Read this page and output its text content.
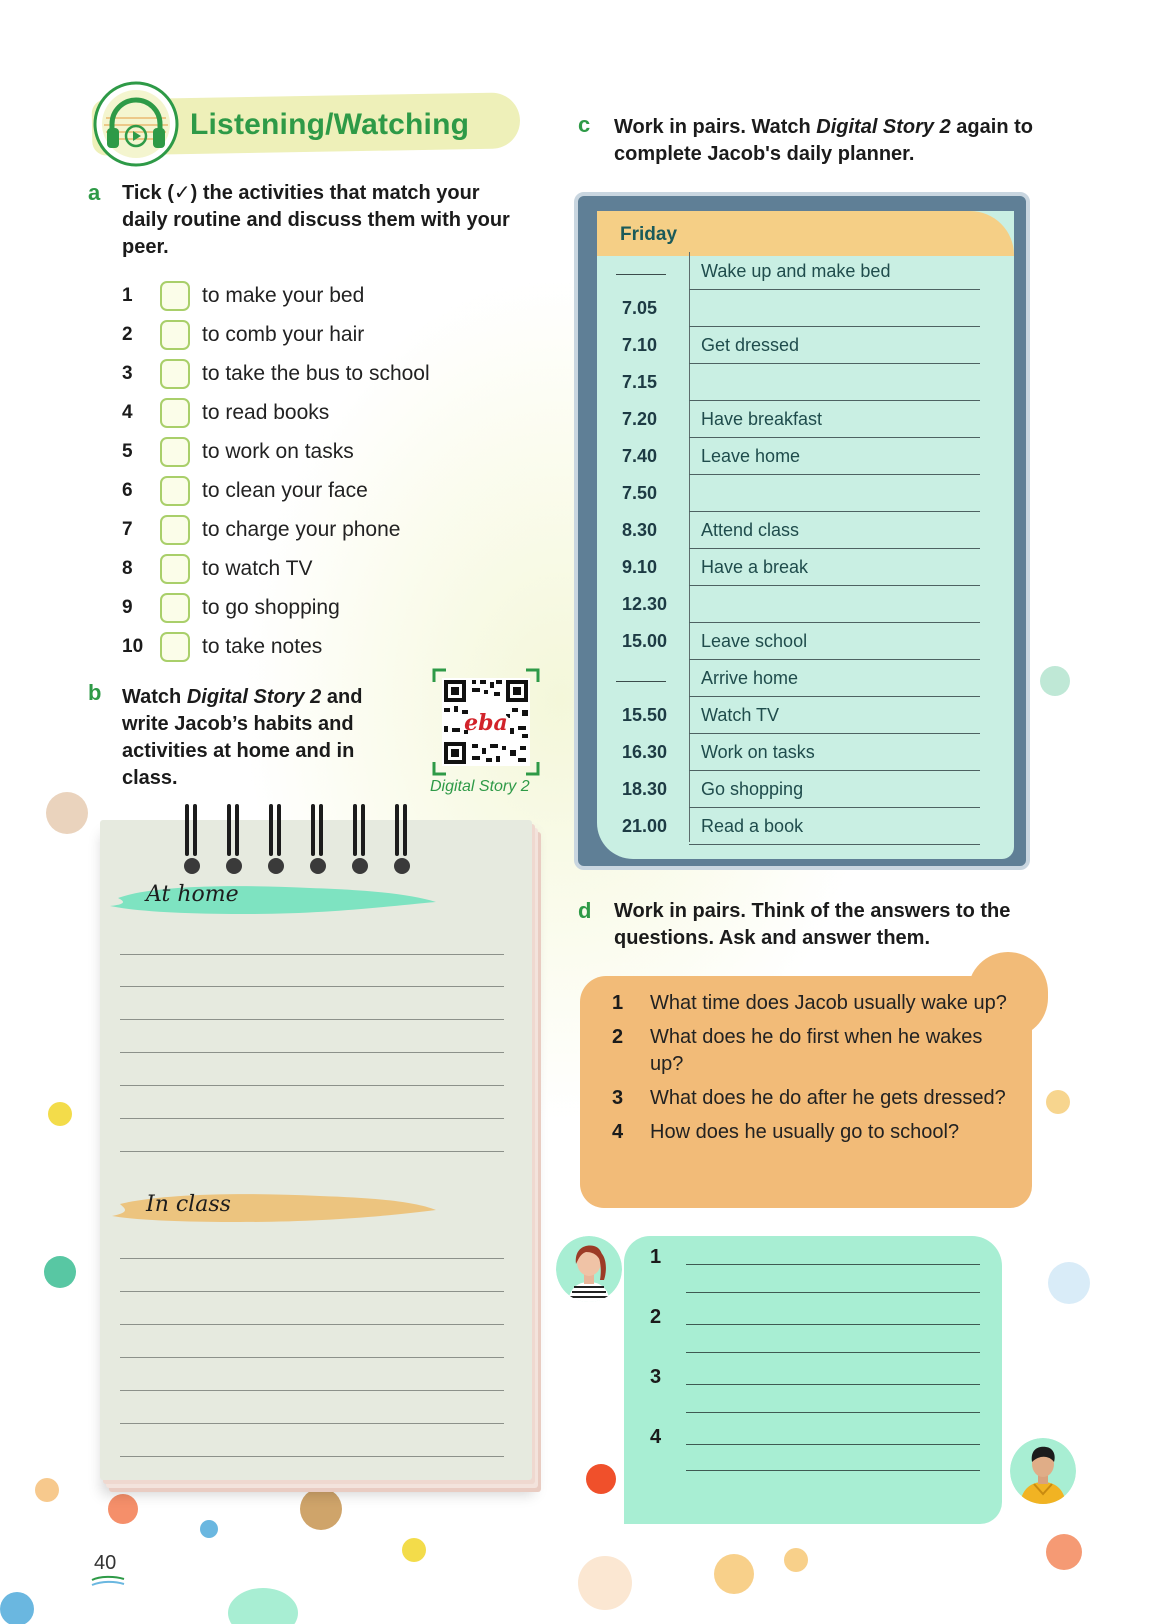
Listening/Watching
a Tick (✓) the activities that match your daily routine and discuss them with your peer.
1	to make your bed
2	to comb your hair
3	to take the bus to school
4	to read books
5	to work on tasks
6	to clean your face
7	to charge your phone
8	to watch TV
9	to go shopping
10	to take notes
b Watch Digital Story 2 and write Jacob’s habits and activities at home and in class.
eba
Digital Story 2
At home
In class
c Work in pairs. Watch Digital Story 2 again to complete Jacob's daily planner.
Friday
Wake up and make bed
7.05
7.10	Get dressed
7.15
7.20	Have breakfast
7.40	Leave home
7.50
8.30	Attend class
9.10	Have a break
12.30
15.00	Leave school
Arrive home
15.50	Watch TV
16.30	Work on tasks
18.30	Go shopping
21.00	Read a book
d Work in pairs. Think of the answers to the questions. Ask and answer them.
1	What time does Jacob usually wake up?
2	What does he do first when he wakes up?
3	What does he do after he gets dressed?
4	How does he usually go to school?
1
2
3
4
40
